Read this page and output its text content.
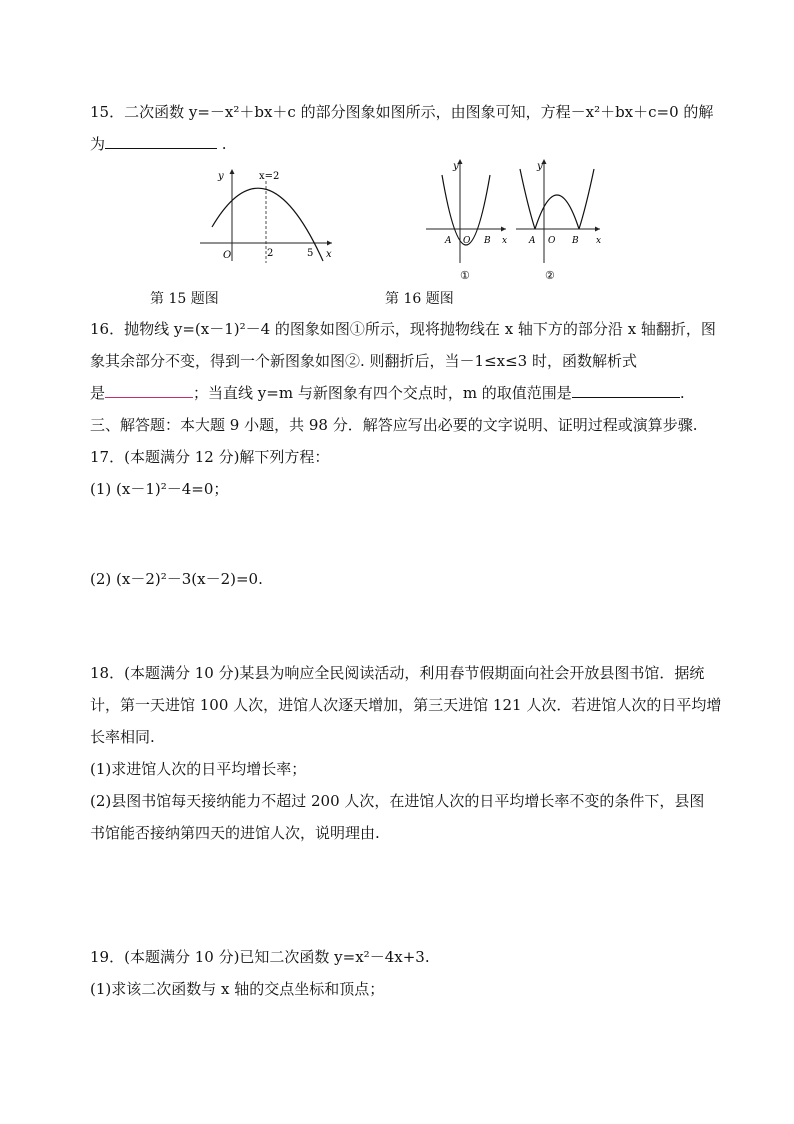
15．二次函数 y=－x²＋bx＋c 的部分图象如图所示，由图象可知，方程－x²＋bx＋c=0 的解
为	.
y	x=2
O	2	5 x
y
A O B x
①
y
A O B x
②
第 15 题图	第 16 题图
16．抛物线 y=(x－1)²－4 的图象如图①所示，现将抛物线在 x 轴下方的部分沿 x 轴翻折，图
象其余部分不变，得到一个新图象如图②. 则翻折后，当－1≤x≤3 时，函数解析式
是	；当直线 y=m 与新图象有四个交点时，m 的取值范围是	.
三、解答题：本大题 9 小题，共 98 分．解答应写出必要的文字说明、证明过程或演算步骤.
17．(本题满分 12 分)解下列方程：
(1) (x－1)²－4=0；
(2) (x－2)²－3(x－2)=0.
18．(本题满分 10 分)某县为响应全民阅读活动，利用春节假期面向社会开放县图书馆．据统
计，第一天进馆 100 人次，进馆人次逐天增加，第三天进馆 121 人次．若进馆人次的日平均增
长率相同.
(1)求进馆人次的日平均增长率；
(2)县图书馆每天接纳能力不超过 200 人次，在进馆人次的日平均增长率不变的条件下，县图
书馆能否接纳第四天的进馆人次，说明理由.
19．(本题满分 10 分)已知二次函数 y=x²－4x+3.
(1)求该二次函数与 x 轴的交点坐标和顶点；
